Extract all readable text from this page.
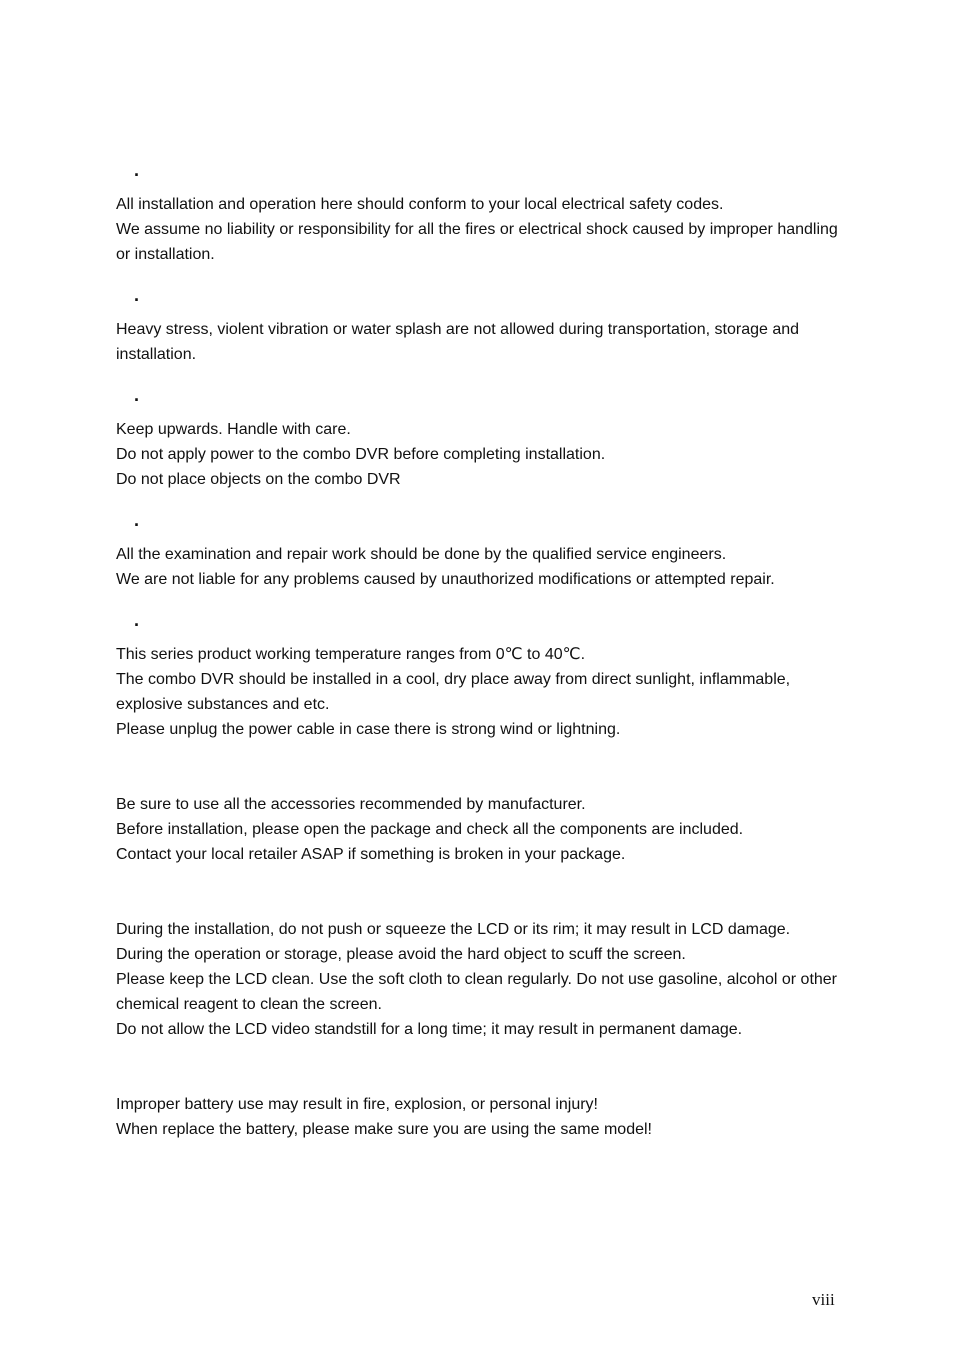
.

All installation and operation here should conform to your local electrical safety codes.

We assume no liability or responsibility for all the fires or electrical shock caused by improper handling or installation.

.

Heavy stress, violent vibration or water splash are not allowed during transportation, storage and installation.

.

Keep upwards. Handle with care.

Do not apply power to the combo DVR before completing installation.

Do not place objects on the combo DVR

.

All the examination and repair work should be done by the qualified service engineers.

We are not liable for any problems caused by unauthorized modifications or attempted repair.

.

This series product working temperature ranges from 0℃ to 40℃.

The combo DVR should be installed in a cool, dry place away from direct sunlight, inflammable, explosive substances and etc.

Please unplug the power cable in case there is strong wind or lightning.

Be sure to use all the accessories recommended by manufacturer.

Before installation, please open the package and check all the components are included.

Contact your local retailer ASAP if something is broken in your package.

During the installation, do not push or squeeze the LCD or its rim; it may result in LCD damage.

During the operation or storage, please avoid the hard object to scuff the screen.

Please keep the LCD clean. Use the soft cloth to clean regularly. Do not use gasoline, alcohol or other chemical reagent to clean the screen.

Do not allow the LCD video standstill for a long time; it may result in permanent damage.

Improper battery use may result in fire, explosion, or personal injury!

When replace the battery, please make sure you are using the same model!

viii
